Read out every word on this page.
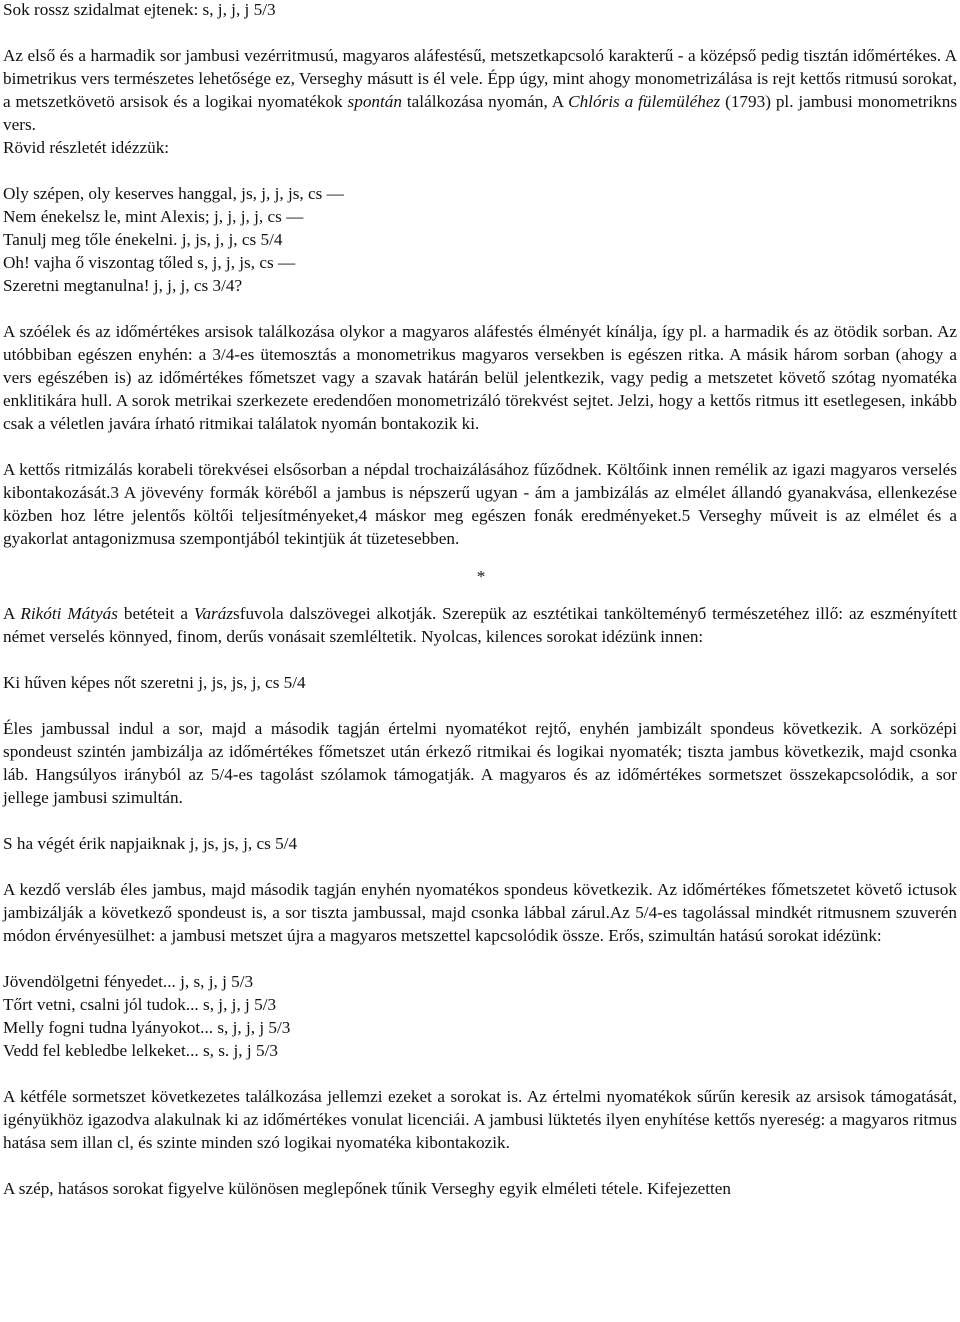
Sok rossz szidalmat ejtenek: s, j, j, j 5/3

Az első és a harmadik sor jambusi vezérritmusú, magyaros aláfestésű, metszetkapcsoló karakterű - a középső pedig tisztán időmértékes. A bimetrikus vers természetes lehetősége ez, Verseghy másutt is él vele. Épp úgy, mint ahogy monometrizálása is rejt kettős ritmusú sorokat, a metszetkövetö arsisok és a logikai nyomatékok spontán találkozása nyomán, A Chlóris a fülemüléhez (1793) pl. jambusi monometrikns vers.

Rövid részletét idézzük:

Oly szépen, oly keserves hanggal, js, j, j, js, cs —
Nem énekelsz le, mint Alexis; j, j, j, j, cs —
Tanulj meg tőle énekelni. j, js, j, j, cs 5/4
Oh! vajha ő viszontag tőled s, j, j, js, cs —
Szeretni megtanulna! j, j, j, cs 3/4?

A szóélek és az időmértékes arsisok találkozása olykor a magyaros aláfestés élményét kínálja, így pl. a harmadik és az ötödik sorban. Az utóbbiban egészen enyhén: a 3/4-es ütemosztás a monometrikus magyaros versekben is egészen ritka. A másik három sorban (ahogy a vers egészében is) az időmértékes főmetszet vagy a szavak határán belül jelentkezik, vagy pedig a metszetet követő szótag nyomatéka enklitikára hull. A sorok metrikai szerkezete eredendően monometrizáló törekvést sejtet. Jelzi, hogy a kettős ritmus itt esetlegesen, inkább csak a véletlen javára írható ritmikai találatok nyomán bontakozik ki.

A kettős ritmizálás korabeli törekvései elsősorban a népdal trochaizálásához fűződnek. Költőink innen remélik az igazi magyaros verselés kibontakozását.3 A jövevény formák köréből a jambus is népszerű ugyan - ám a jambizálás az elmélet állandó gyanakvása, ellenkezése közben hoz létre jelentős költői teljesítményeket,4 máskor meg egészen fonák eredményeket.5 Verseghy műveit is az elmélet és a gyakorlat antagonizmusa szempontjából tekintjük át tüzetesebben.

*

A Rikóti Mátyás betéteit a Varázsfuvola dalszövegei alkotják. Szerepük az esztétikai tankölteményб természetéhez illő: az eszményített német verselés könnyed, finom, derűs vonásait szemléltetik. Nyolcas, kilences sorokat idézünk innen:

Ki hűven képes nőt szeretni j, js, js, j, cs 5/4

Éles jambussal indul a sor, majd a második tagján értelmi nyomatékot rejtő, enyhén jambizált spondeus következik. A sorközépi spondeust szintén jambizálja az időmértékes főmetszet után érkező ritmikai és logikai nyomaték; tiszta jambus következik, majd csonka láb. Hangsúlyos irányból az 5/4-es tagolást szólamok támogatják. A magyaros és az időmértékes sormetszet összekapcsolódik, a sor jellege jambusi szimultán.

S ha végét érik napjaiknak j, js, js, j, cs 5/4

A kezdő versláb éles jambus, majd második tagján enyhén nyomatékos spondeus következik. Az időmértékes főmetszetet követő ictusok jambizálják a következő spondeust is, a sor tiszta jambussal, majd csonka lábbal zárul.Az 5/4-es tagolással mindkét ritmusnem szuverén módon érvényesülhet: a jambusi metszet újra a magyaros metszettel kapcsolódik össze. Erős, szimultán hatású sorokat idézünk:

Jövendölgetni fényedet... j, s, j, j 5/3
Tőrt vetni, csalni jól tudok... s, j, j, j 5/3
Melly fogni tudna lyányokot... s, j, j, j 5/3
Vedd fel kebledbe lelkeket... s, s. j, j 5/3

A kétféle sormetszet következetes találkozása jellemzi ezeket a sorokat is. Az értelmi nyomatékok sűrűn keresik az arsisok támogatását, igényükhöz igazodva alakulnak ki az időmértékes vonulat licenciái. A jambusi lüktetés ilyen enyhítése kettős nyereség: a magyaros ritmus hatása sem illan cl, és szinte minden szó logikai nyomatéka kibontakozik.

A szép, hatásos sorokat figyelve különösen meglepőnek tűnik Verseghy egyik elméleti tétele. Kifejezetten
